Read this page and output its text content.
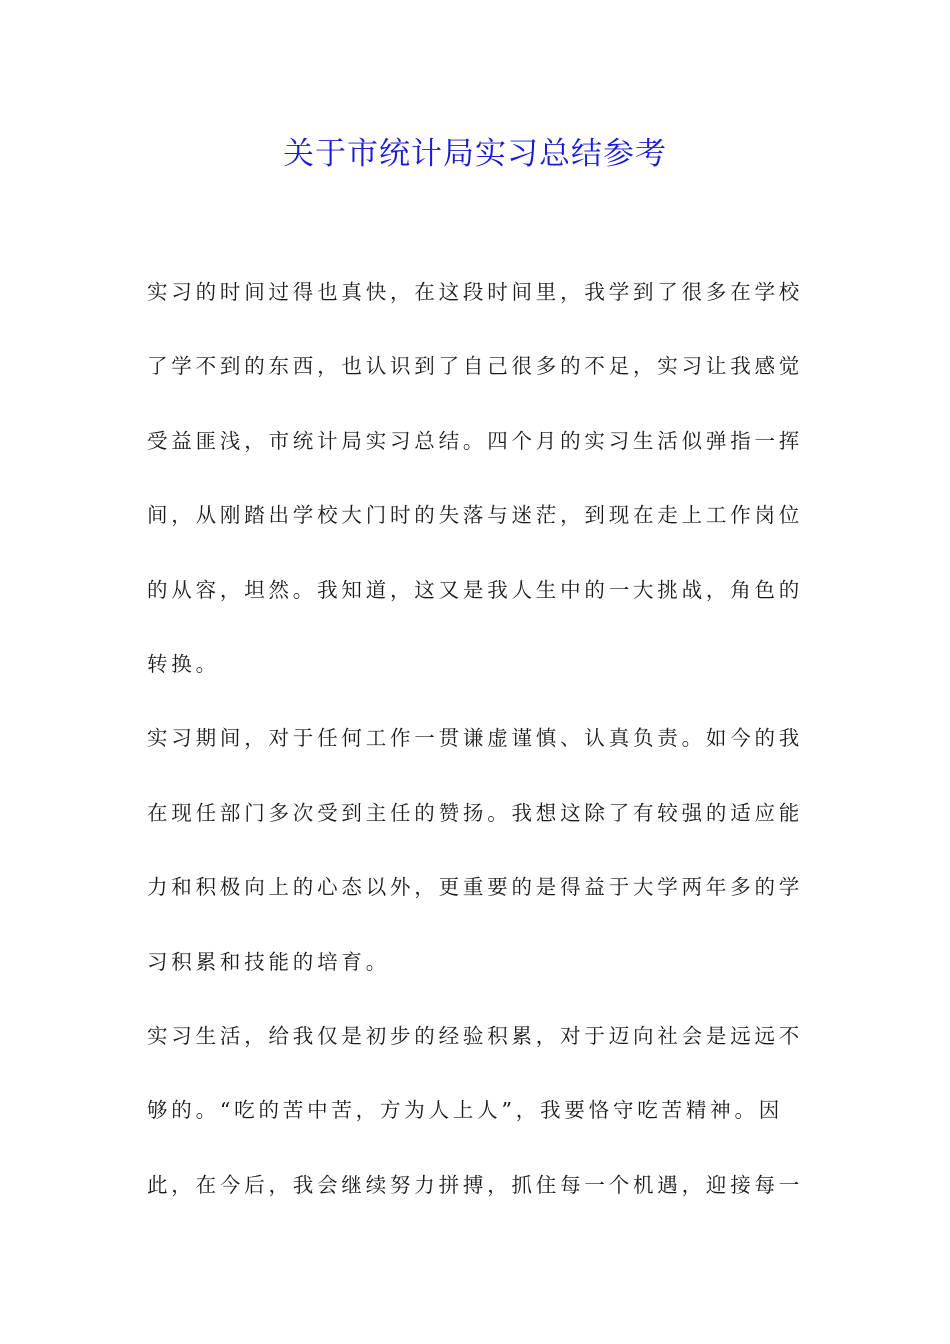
关于市统计局实习总结参考
实习的时间过得也真快，在这段时间里，我学到了很多在学校
了学不到的东西，也认识到了自己很多的不足，实习让我感觉
受益匪浅，市统计局实习总结。四个月的实习生活似弹指一挥
间，从刚踏出学校大门时的失落与迷茫，到现在走上工作岗位
的从容，坦然。我知道，这又是我人生中的一大挑战，角色的
转换。
实习期间，对于任何工作一贯谦虚谨慎、认真负责。如今的我
在现任部门多次受到主任的赞扬。我想这除了有较强的适应能
力和积极向上的心态以外，更重要的是得益于大学两年多的学
习积累和技能的培育。
实习生活，给我仅是初步的经验积累，对于迈向社会是远远不
够的。“吃的苦中苦，方为人上人”，我要恪守吃苦精神。因
此，在今后，我会继续努力拼搏，抓住每一个机遇，迎接每一
